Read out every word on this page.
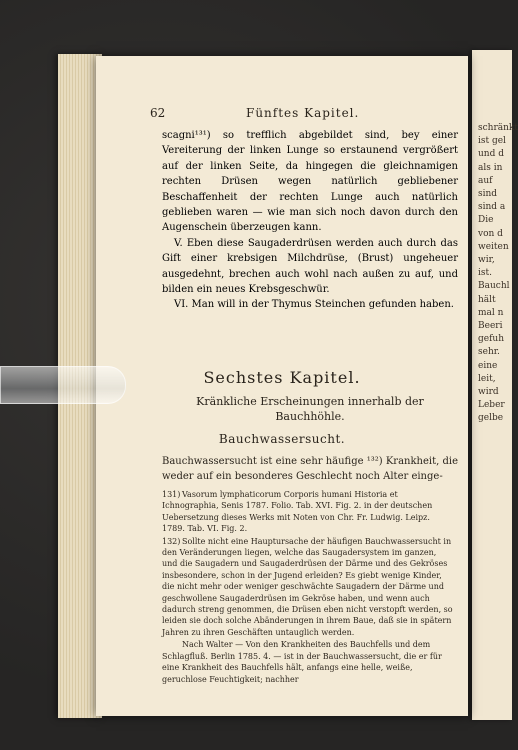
schränkt
ist gel
und d
als in
auf
sind
sind a
Die
von d
weiten
wir,
ist.
Bauchl
hält
mal n
Beeri
gefuh
sehr.
eine
leit,
wird
Leber
gelbe
62	Fünftes Kapitel.

scagni¹³¹) so trefflich abgebildet sind, bey einer Vereiterung der linken Lunge so erstaunend vergrößert auf der linken Seite, da hingegen die gleichnamigen rechten Drüsen wegen natürlich gebliebener Beschaffenheit der rechten Lunge auch natürlich geblieben waren — wie man sich noch davon durch den Augenschein überzeugen kann.

V. Eben diese Saugaderdrüsen werden auch durch das Gift einer krebsigen Milchdrüse, (Brust) ungeheuer ausgedehnt, brechen auch wohl nach außen zu auf, und bilden ein neues Krebsgeschwür.

VI. Man will in der Thymus Steinchen gefunden haben.

Sechstes Kapitel.
Kränkliche Erscheinungen innerhalb der Bauchhöhle.
Bauchwassersucht.
Bauchwassersucht ist eine sehr häufige ¹³²) Krankheit, die weder auf ein besonderes Geschlecht noch Alter einge-

131) Vasorum lymphaticorum Corporis humani Historia et Ichnographia, Senis 1787. Folio. Tab. XVI. Fig. 2. in der deutschen Uebersetzung dieses Werks mit Noten von Chr. Fr. Ludwig. Leipz. 1789. Tab. VI. Fig. 2.

132) Sollte nicht eine Hauptursache der häufigen Bauchwassersucht in den Veränderungen liegen, welche das Saugadersystem im ganzen, und die Saugadern und Saugaderdrüsen der Därme und des Gekröses insbesondere, schon in der Jugend erleiden? Es giebt wenige Kinder, die nicht mehr oder weniger geschwächte Saugadern der Därme und geschwollene Saugaderdrüsen im Gekröse haben, und wenn auch dadurch streng genommen, die Drüsen eben nicht verstopft werden, so leiden sie doch solche Abänderungen in ihrem Baue, daß sie in spätern Jahren zu ihren Geschäften untauglich werden.

Nach Walter — Von den Krankheiten des Bauchfells und dem Schlagfluß. Berlin 1785. 4. — ist in der Bauchwassersucht, die er für eine Krankheit des Bauchfells hält, anfangs eine helle, weiße, geruchlose Feuchtigkeit; nachher
